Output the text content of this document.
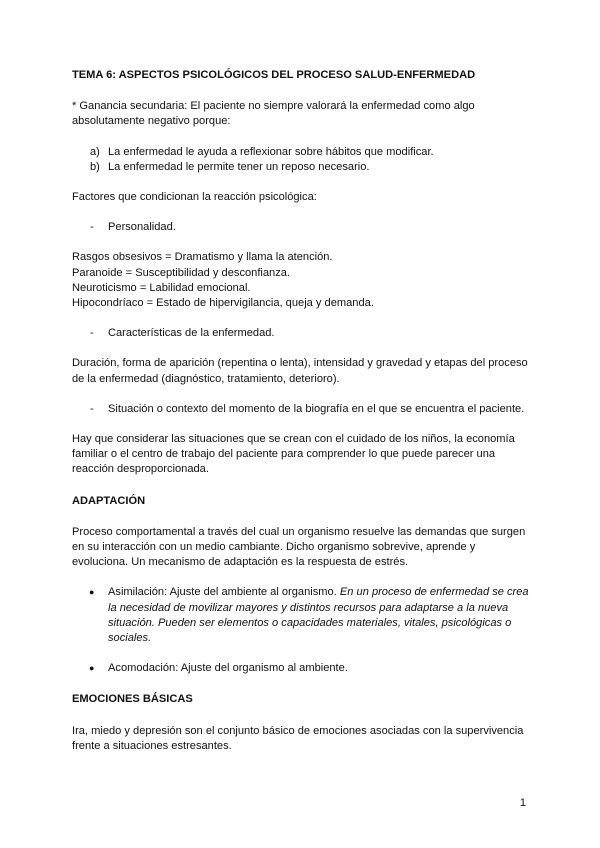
TEMA 6: ASPECTOS PSICOLÓGICOS DEL PROCESO SALUD-ENFERMEDAD

* Ganancia secundaria: El paciente no siempre valorará la enfermedad como algo absolutamente negativo porque:

a) La enfermedad le ayuda a reflexionar sobre hábitos que modificar.
b) La enfermedad le permite tener un reposo necesario.

Factores que condicionan la reacción psicológica:

- Personalidad.

Rasgos obsesivos = Dramatismo y llama la atención.

Paranoide = Susceptibilidad y desconfianza.

Neuroticismo = Labilidad emocional.

Hipocondríaco = Estado de hipervigilancia, queja y demanda.

- Características de la enfermedad.

Duración, forma de aparición (repentina o lenta), intensidad y gravedad y etapas del proceso de la enfermedad (diagnóstico, tratamiento, deterioro).

- Situación o contexto del momento de la biografía en el que se encuentra el paciente.

Hay que considerar las situaciones que se crean con el cuidado de los niños, la economía familiar o el centro de trabajo del paciente para comprender lo que puede parecer una reacción desproporcionada.

ADAPTACIÓN

Proceso comportamental a través del cual un organismo resuelve las demandas que surgen en su interacción con un medio cambiante. Dicho organismo sobrevive, aprende y evoluciona. Un mecanismo de adaptación es la respuesta de estrés.

● Asimilación: Ajuste del ambiente al organismo. En un proceso de enfermedad se crea la necesidad de movilizar mayores y distintos recursos para adaptarse a la nueva situación. Pueden ser elementos o capacidades materiales, vitales, psicológicas o sociales.
● Acomodación: Ajuste del organismo al ambiente.

EMOCIONES BÁSICAS

Ira, miedo y depresión son el conjunto básico de emociones asociadas con la supervivencia frente a situaciones estresantes.

1
